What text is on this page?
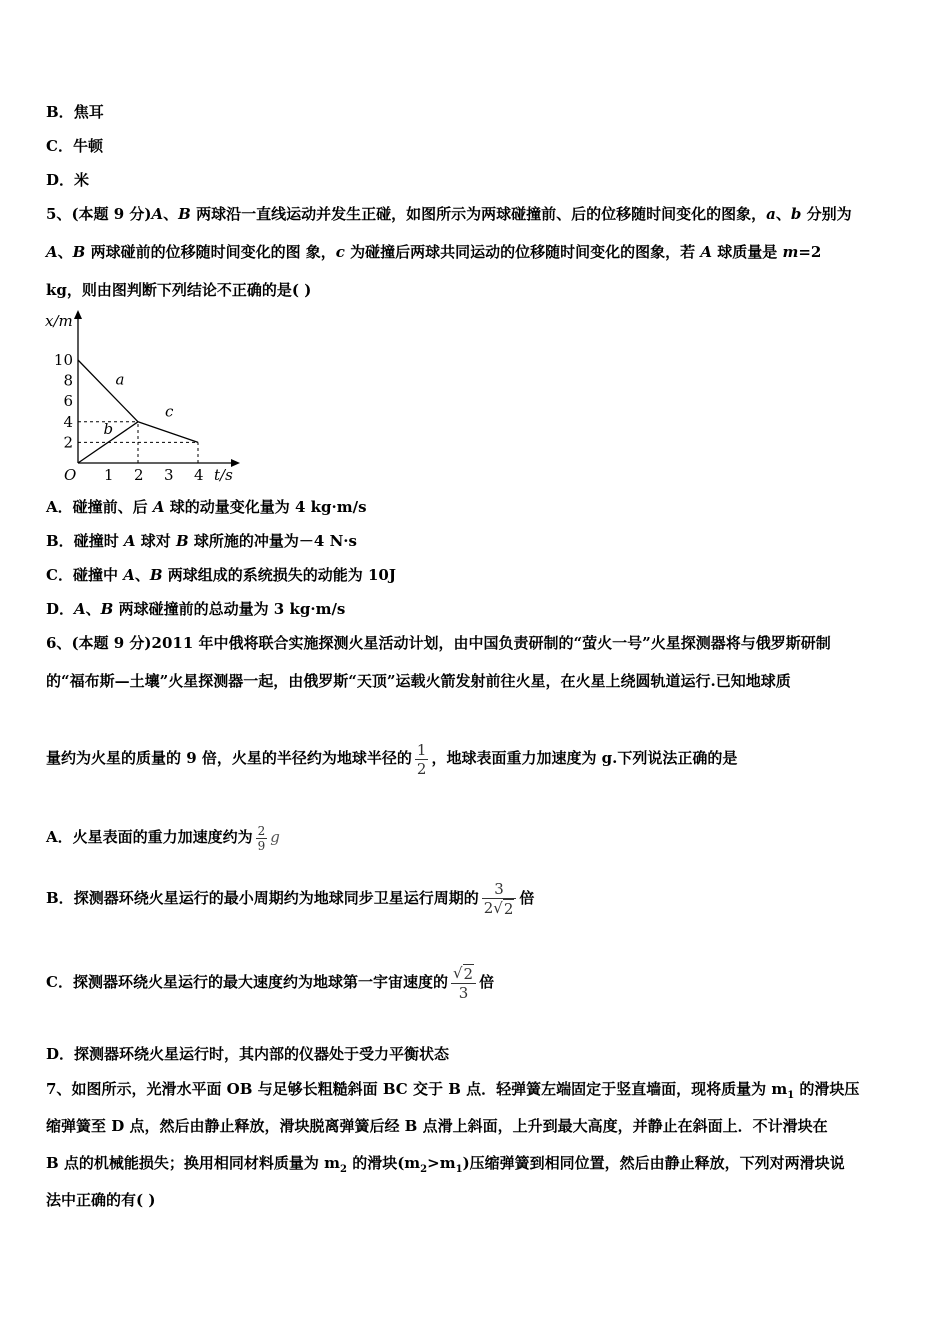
B．焦耳
C．牛顿
D．米
5、(本题 9 分)A、B 两球沿一直线运动并发生正碰，如图所示为两球碰撞前、后的位移随时间变化的图象，a、b 分别为
A、B 两球碰前的位移随时间变化的图 象，c 为碰撞后两球共同运动的位移随时间变化的图象，若 A 球质量是 m=2
kg，则由图判断下列结论不正确的是( )
a
b
c
1 2 3 4
2
4
6
8
10
x/m
t/s
O
A．碰撞前、后 A 球的动量变化量为 4 kg·m/s
B．碰撞时 A 球对 B 球所施的冲量为－4 N·s
C．碰撞中 A、B 两球组成的系统损失的动能为 10J
D．A、B 两球碰撞前的总动量为 3 kg·m/s
6、(本题 9 分)2011 年中俄将联合实施探测火星活动计划，由中国负责研制的“萤火一号”火星探测器将与俄罗斯研制
的“福布斯—土壤”火星探测器一起，由俄罗斯“天顶”运载火箭发射前往火星，在火星上绕圆轨道运行.已知地球质
量约为火星的质量的 9 倍，火星的半径约为地球半径的 $\frac{1}{2}$ ，地球表面重力加速度为 g.下列说法正确的是
A．火星表面的重力加速度约为 $\frac{2}{9}$ g
B．探测器环绕火星运行的最小周期约为地球同步卫星运行周期的 $\frac{3}{2 √ 2}$ 倍
C．探测器环绕火星运行的最大速度约为地球第一宇宙速度的 $\frac{√ 2}{3}$ 倍
D．探测器环绕火星运行时，其内部的仪器处于受力平衡状态
7、如图所示，光滑水平面 OB 与足够长粗糙斜面 BC 交于 B 点．轻弹簧左端固定于竖直墙面，现将质量为 $m_1$ 的滑块压
缩弹簧至 D 点，然后由静止释放，滑块脱离弹簧后经 B 点滑上斜面，上升到最大高度，并静止在斜面上．不计滑块在
B 点的机械能损失；换用相同材料质量为 $m_2$ 的滑块$(m_2>m_1)$压缩弹簧到相同位置，然后由静止释放，下列对两滑块说
法中正确的有( )
